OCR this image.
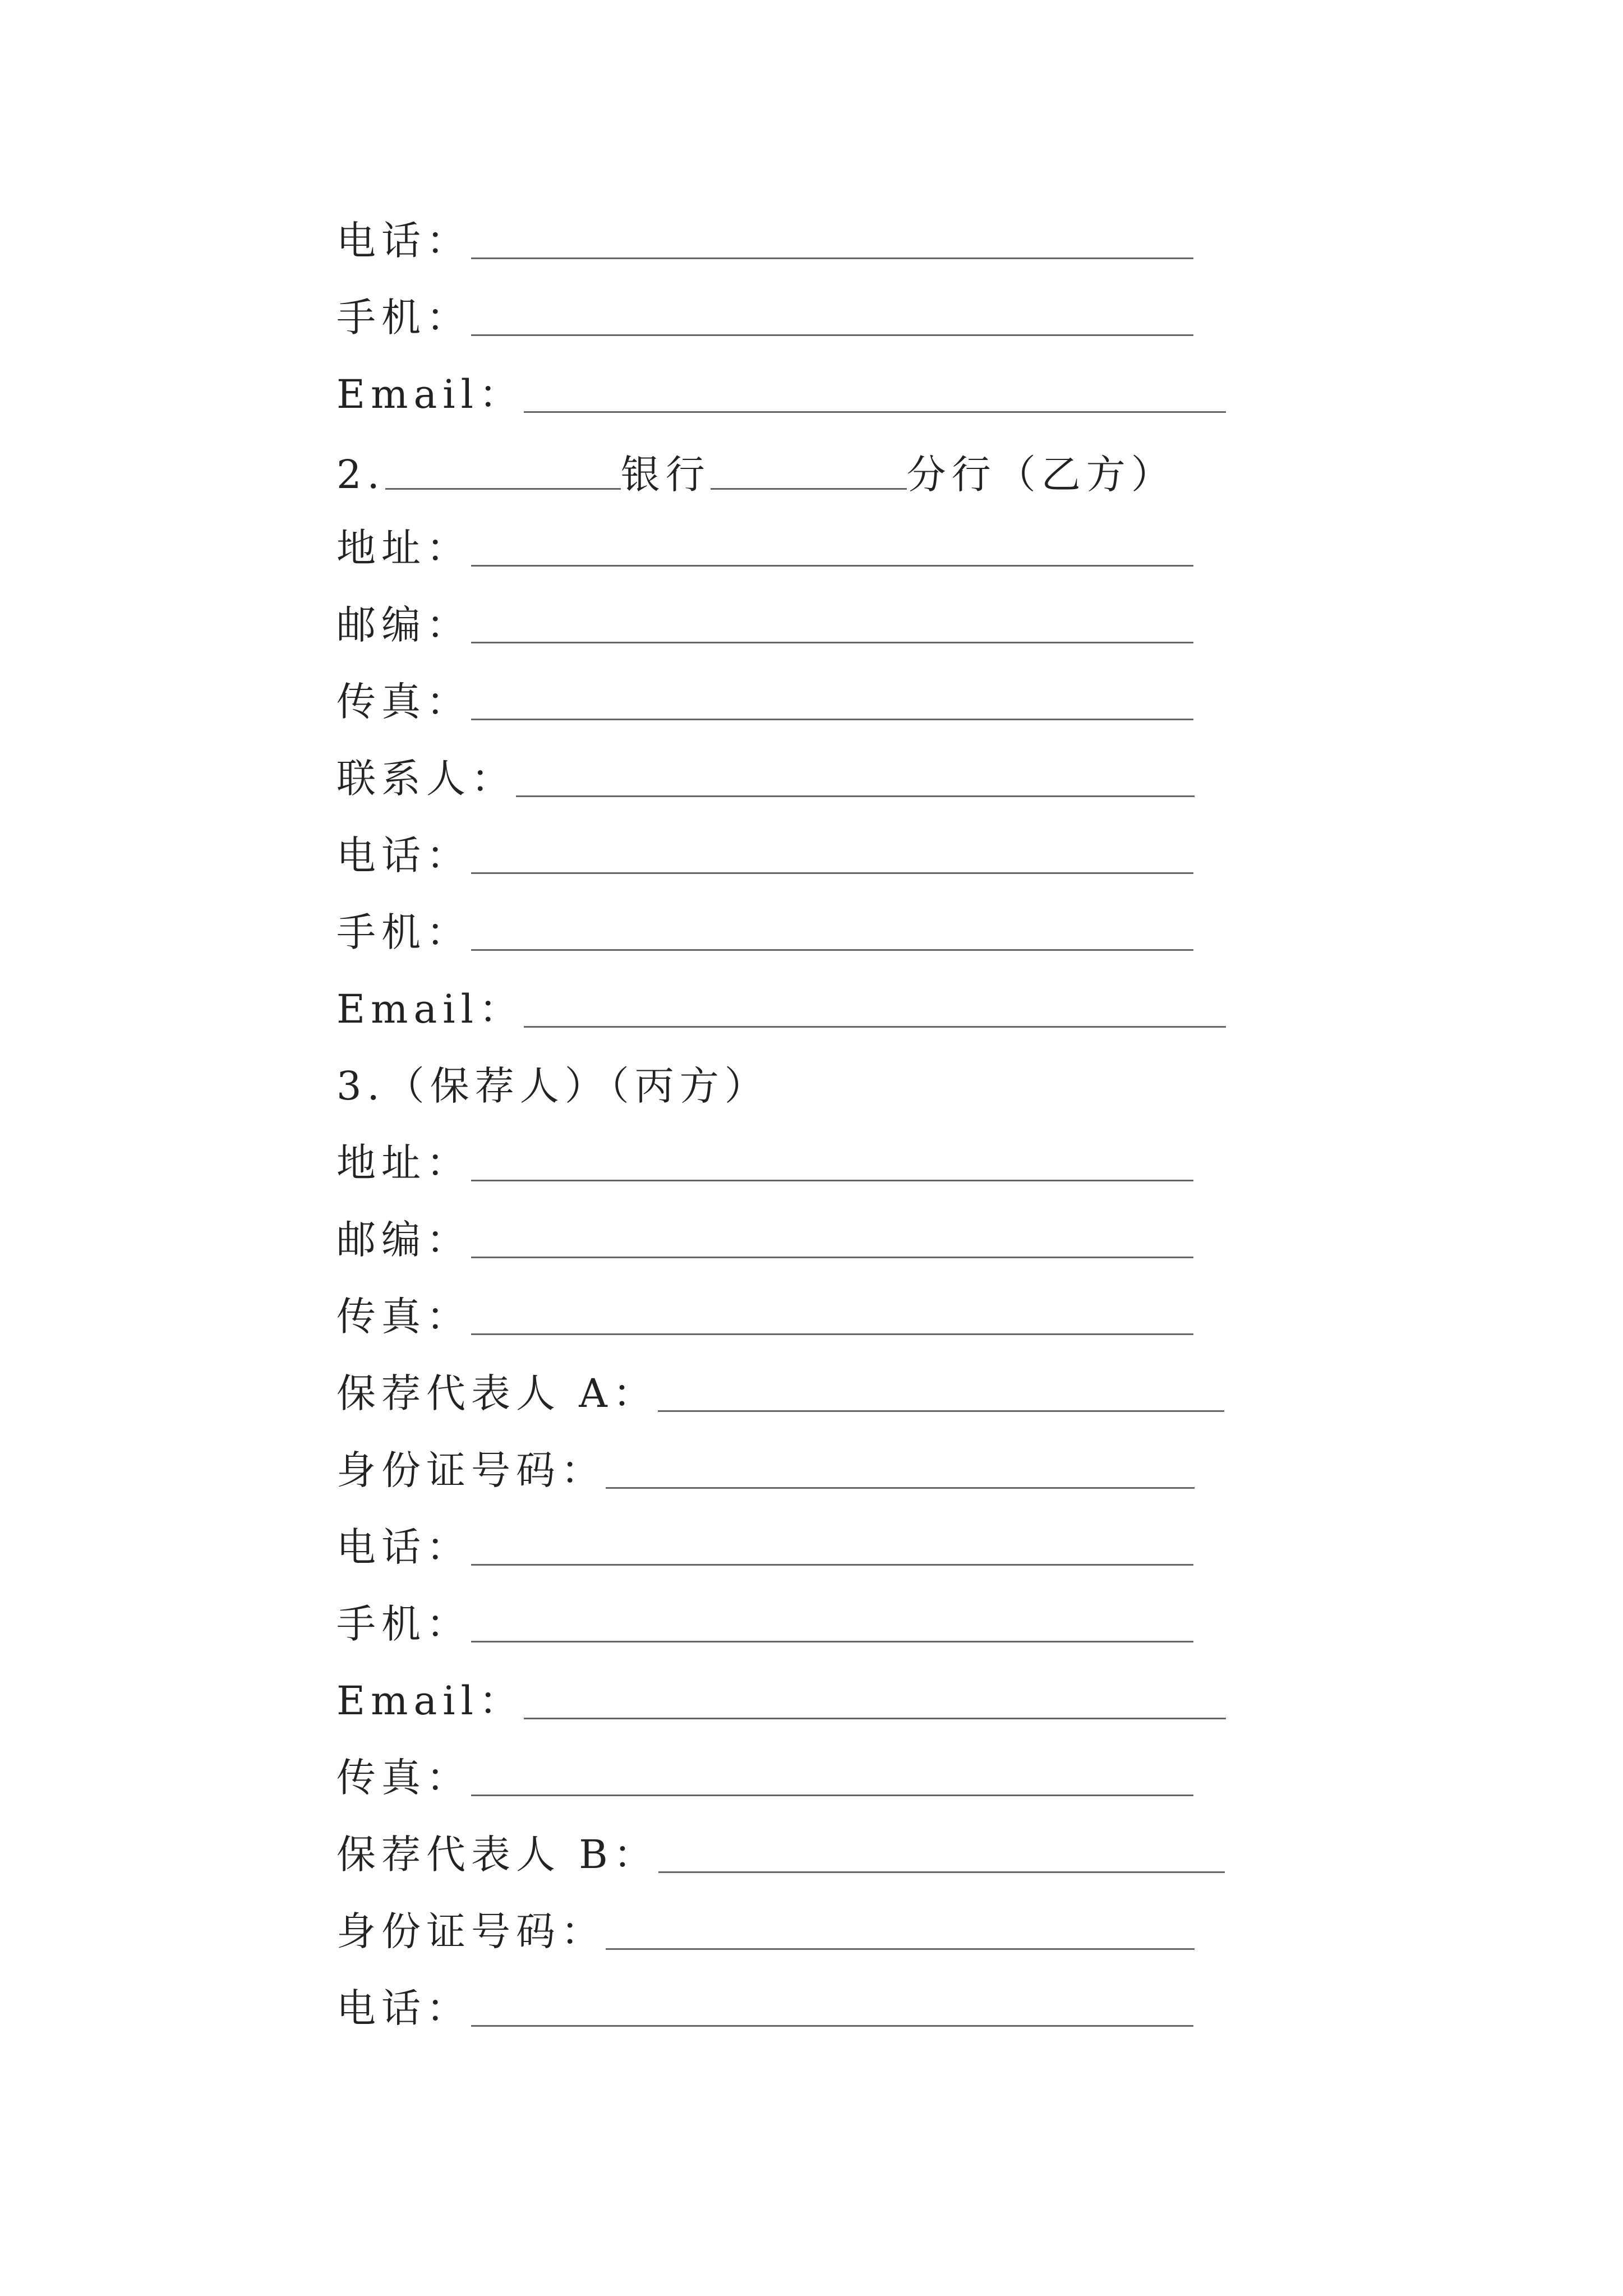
电话：
手机：
Email：
2.	银行	分行（乙方）
地址：
邮编：
传真：
联系人：
电话：
手机：
Email：
3.（保荐人）（丙方）
地址：
邮编：
传真：
保荐代表人 A：
身份证号码：
电话：
手机：
Email：
传真：
保荐代表人 B：
身份证号码：
电话：
